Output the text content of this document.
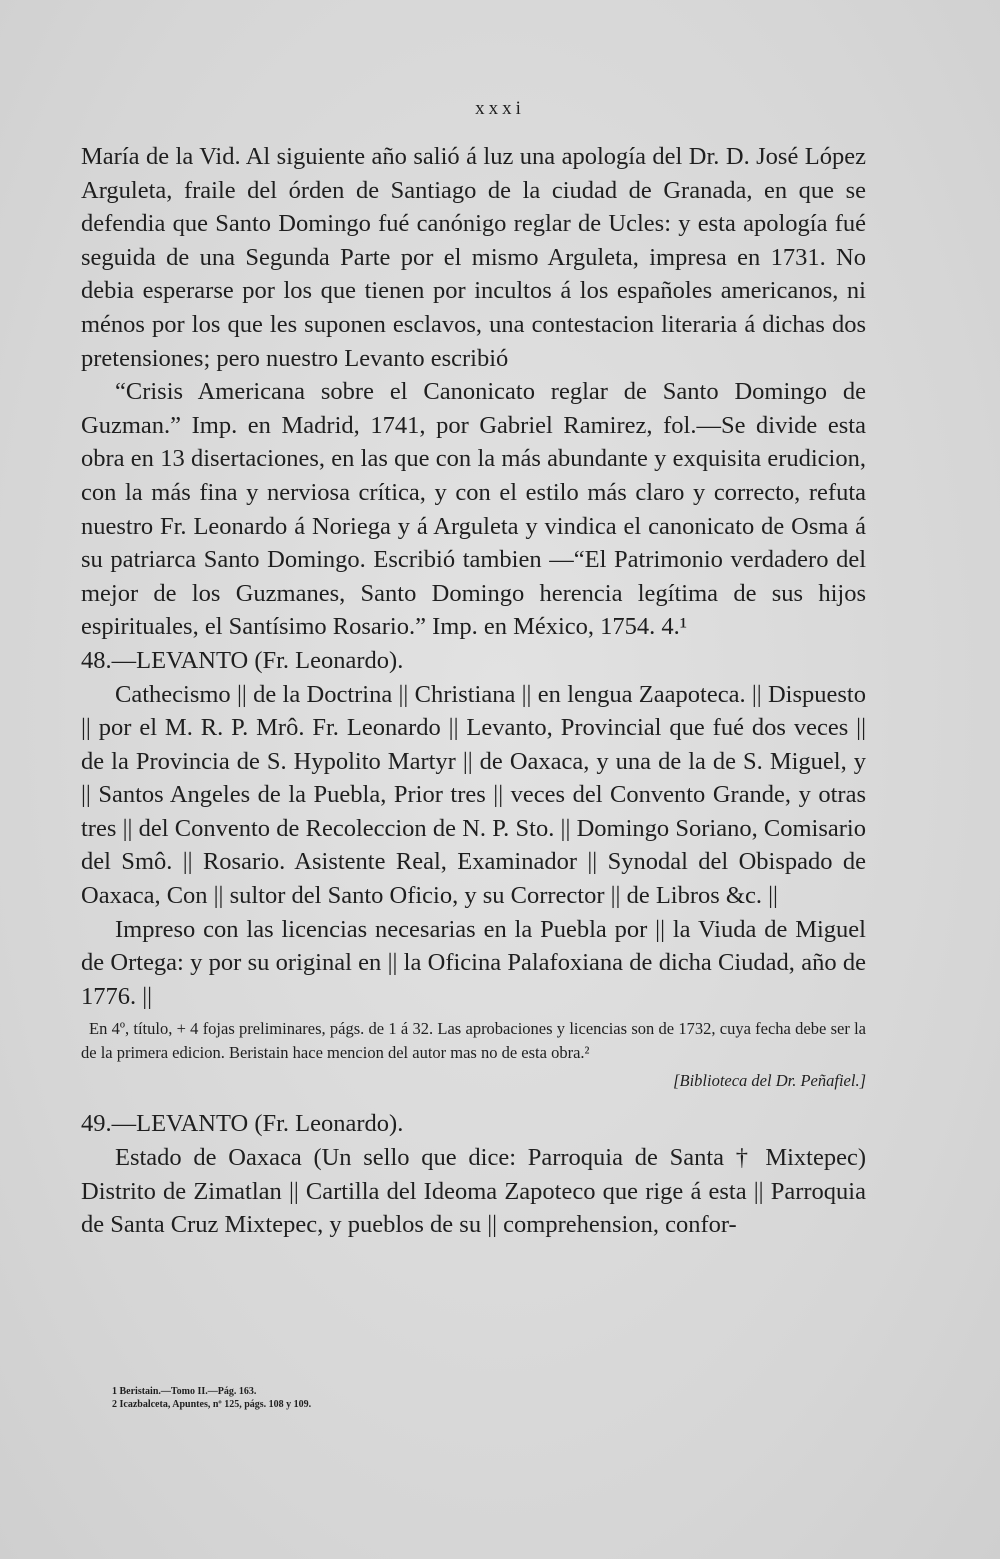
xxxi

María de la Vid. Al siguiente año salió á luz una apología del Dr. D. José López Arguleta, fraile del órden de Santiago de la ciudad de Granada, en que se defendia que Santo Domingo fué canónigo reglar de Ucles: y esta apología fué seguida de una Segunda Parte por el mismo Arguleta, impresa en 1731. No debia esperarse por los que tienen por incultos á los españoles americanos, ni ménos por los que les suponen esclavos, una contestacion literaria á dichas dos pretensiones; pero nuestro Levanto escribió

“Crisis Americana sobre el Canonicato reglar de Santo Domingo de Guzman.” Imp. en Madrid, 1741, por Gabriel Ramirez, fol.—Se divide esta obra en 13 disertaciones, en las que con la más abundante y exquisita erudicion, con la más fina y nerviosa crítica, y con el estilo más claro y correcto, refuta nuestro Fr. Leonardo á Noriega y á Arguleta y vindica el canonicato de Osma á su patriarca Santo Domingo. Escribió tambien —“El Patrimonio verdadero del mejor de los Guzmanes, Santo Domingo herencia legítima de sus hijos espirituales, el Santísimo Rosario.” Imp. en México, 1754. 4.¹

48.—LEVANTO (Fr. Leonardo).

Cathecismo || de la Doctrina || Christiana || en lengua Zaapoteca. || Dispuesto || por el M. R. P. Mrô. Fr. Leonardo || Levanto, Provincial que fué dos veces || de la Provincia de S. Hypolito Martyr || de Oaxaca, y una de la de S. Miguel, y || Santos Angeles de la Puebla, Prior tres || veces del Convento Grande, y otras tres || del Convento de Recoleccion de N. P. Sto. || Domingo Soriano, Comisario del Smô. || Rosario. Asistente Real, Examinador || Synodal del Obispado de Oaxaca, Con || sultor del Santo Oficio, y su Corrector || de Libros &c. ||

Impreso con las licencias necesarias en la Puebla por || la Viuda de Miguel de Ortega: y por su original en || la Oficina Palafoxiana de dicha Ciudad, año de 1776. ||

En 4º, título, + 4 fojas preliminares, págs. de 1 á 32. Las aprobaciones y licencias son de 1732, cuya fecha debe ser la de la primera edicion. Beristain hace mencion del autor mas no de esta obra.²

[Biblioteca del Dr. Peñafiel.]

49.—LEVANTO (Fr. Leonardo).

Estado de Oaxaca (Un sello que dice: Parroquia de Santa † Mixtepec) Distrito de Zimatlan || Cartilla del Ideoma Zapoteco que rige á esta || Parroquia de Santa Cruz Mixtepec, y pueblos de su || comprehension, confor-

1 Beristain.—Tomo II.—Pág. 163.
2 Icazbalceta, Apuntes, nº 125, págs. 108 y 109.
